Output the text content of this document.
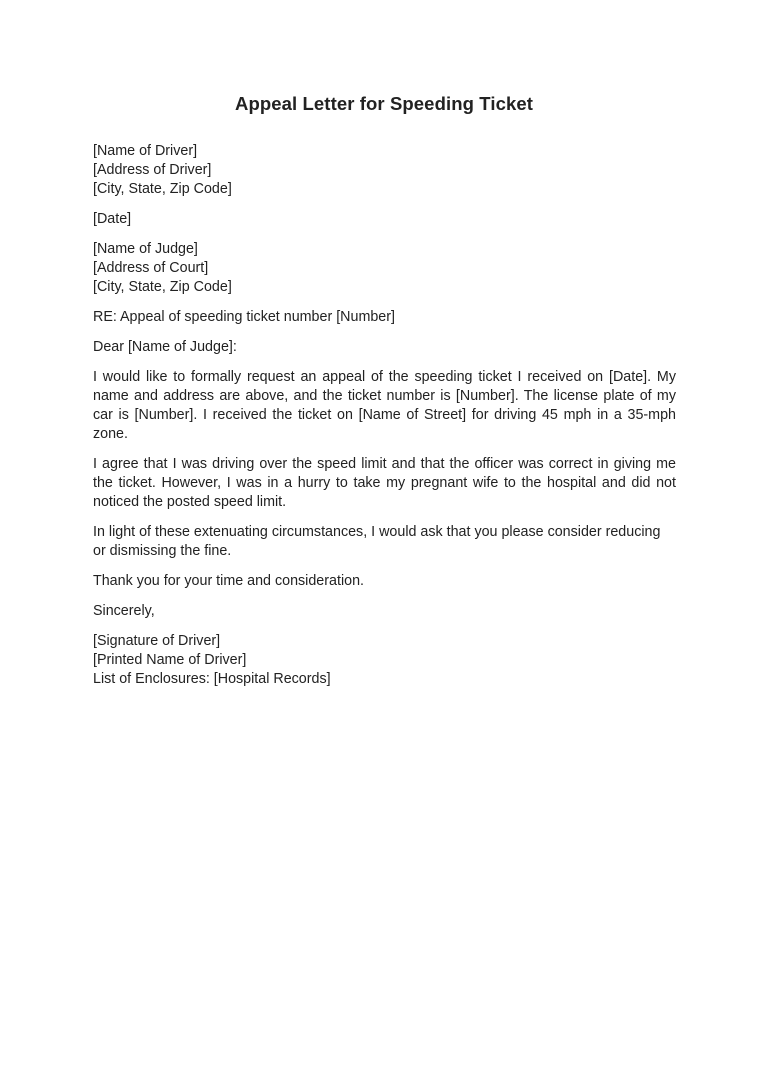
Appeal Letter for Speeding Ticket
[Name of Driver]
[Address of Driver]
[City, State, Zip Code]
[Date]
[Name of Judge]
[Address of Court]
[City, State, Zip Code]
RE: Appeal of speeding ticket number [Number]
Dear [Name of Judge]:

I would like to formally request an appeal of the speeding ticket I received on [Date]. My name and address are above, and the ticket number is [Number]. The license plate of my car is [Number]. I received the ticket on [Name of Street] for driving 45 mph in a 35-mph zone.

I agree that I was driving over the speed limit and that the officer was correct in giving me the ticket. However, I was in a hurry to take my pregnant wife to the hospital and did not noticed the posted speed limit.

In light of these extenuating circumstances, I would ask that you please consider reducing or dismissing the fine.

Thank you for your time and consideration.

Sincerely,
[Signature of Driver]
[Printed Name of Driver]
List of Enclosures: [Hospital Records]
